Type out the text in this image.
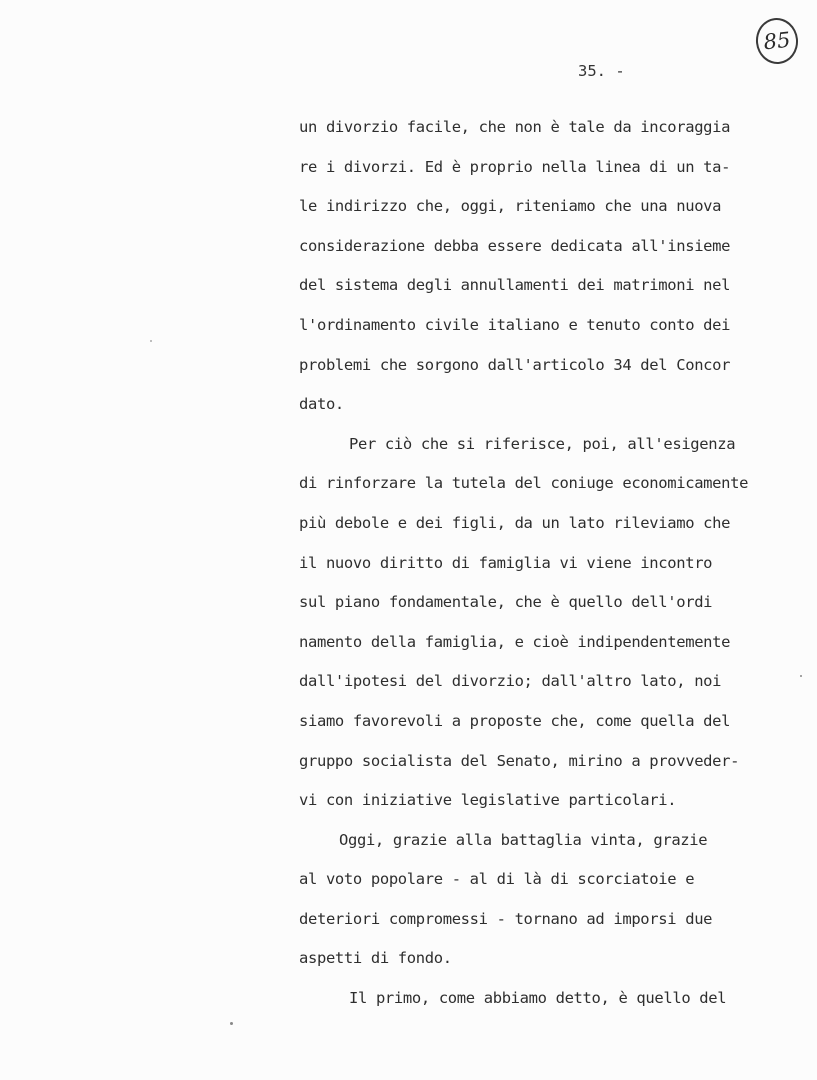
85
35. -
un divorzio facile, che non è tale da incoraggia
re i divorzi. Ed è proprio nella linea di un ta-
le indirizzo che, oggi, riteniamo che una nuova
considerazione debba essere dedicata all'insieme
del sistema degli annullamenti dei matrimoni nel
l'ordinamento civile italiano e tenuto conto dei
problemi che sorgono dall'articolo 34 del Concor
dato.
Per ciò che si riferisce, poi, all'esigenza
di rinforzare la tutela del coniuge economicamente
più debole e dei figli, da un lato rileviamo che
il nuovo diritto di famiglia vi viene incontro
sul piano fondamentale, che è quello dell'ordi
namento della famiglia, e cioè indipendentemente
dall'ipotesi del divorzio; dall'altro lato, noi
siamo favorevoli a proposte che, come quella del
gruppo socialista del Senato, mirino a provveder-
vi con iniziative legislative particolari.
Oggi, grazie alla battaglia vinta, grazie
al voto popolare - al di là di scorciatoie e
deteriori compromessi - tornano ad imporsi due
aspetti di fondo.
Il primo, come abbiamo detto, è quello del
